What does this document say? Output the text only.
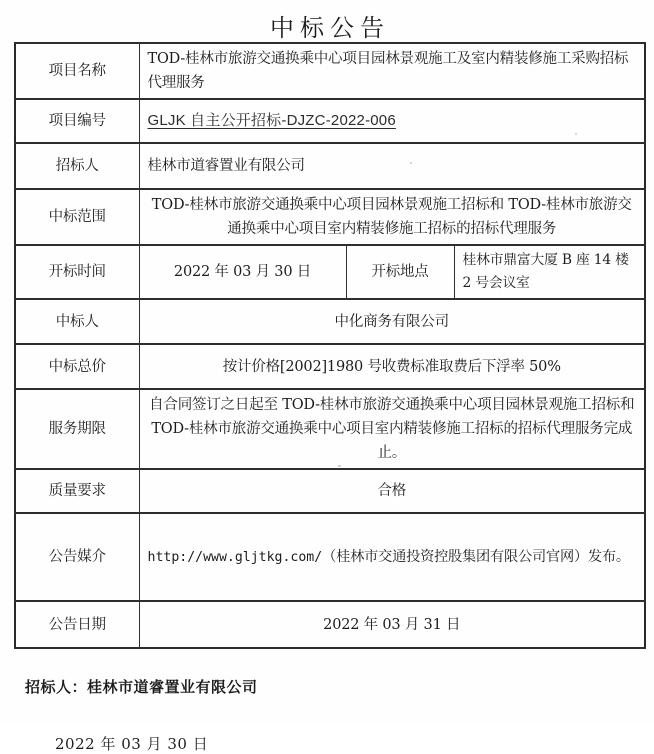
中标公告
项目名称	TOD-桂林市旅游交通换乘中心项目园林景观施工及室内精装修施工采购招标代理服务		
项目编号	GLJK 自主公开招标-DJZC-2022-006		
招标人	桂林市道睿置业有限公司		
中标范围	TOD-桂林市旅游交通换乘中心项目园林景观施工招标和 TOD-桂林市旅游交通换乘中心项目室内精装修施工招标的招标代理服务		
开标时间	2022 年 03 月 30 日	开标地点	桂林市鼎富大厦 B 座 14 楼 2 号会议室
中标人	中化商务有限公司		
中标总价	按计价格[2002]1980 号收费标准取费后下浮率 50%		
服务期限	自合同签订之日起至 TOD-桂林市旅游交通换乘中心项目园林景观施工招标和 TOD-桂林市旅游交通换乘中心项目室内精装修施工招标的招标代理服务完成止。		
质量要求	合格		
公告媒介	http://www.gljtkg.com/（桂林市交通投资控股集团有限公司官网）发布。		
公告日期	2022 年 03 月 31 日		
招标人：桂林市道睿置业有限公司
2022 年 03 月 30 日
